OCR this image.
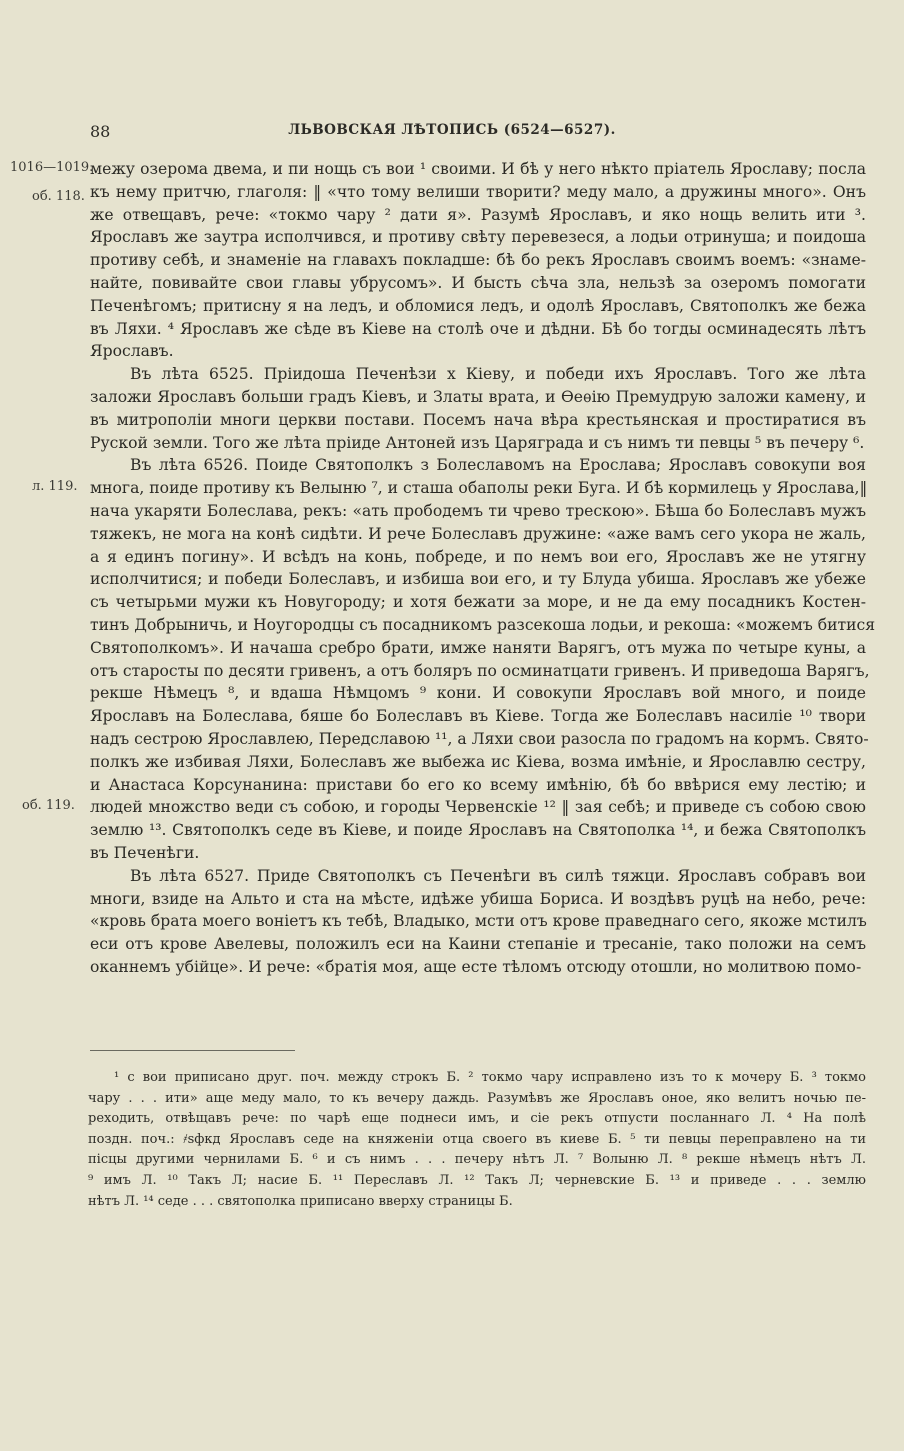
88	ЛЬВОВСКАЯ ЛѢТОПИСЬ (6524—6527).
1016—1019.
межу озерома двема, и пи нощь съ вои ¹ своими. И бѣ у него нѣкто пріатель Ярославу; посла
об. 118. къ нему притчю, глаголя: ‖ «что тому велиши творити? меду мало, а дружины много». Онъ
же отвещавъ, рече: «токмо чару ² дати я». Разумѣ Ярославъ, и яко нощь велить ити ³.
Ярославъ же заутра исполчився, и противу свѣту перевезеся, а лодьи отринуша; и поидоша
противу себѣ, и знаменіе на главахъ покладше: бѣ бо рекъ Ярославъ своимъ воемъ: «знаме-
найте, повивайте свои главы убрусомъ». И бысть сѣча зла, нельзѣ за озеромъ помогати
Печенѣгомъ; притисну я на ледъ, и обломися ледъ, и одолѣ Ярославъ, Святополкъ же бежа
въ Ляхи. ⁴ Ярославъ же сѣде въ Кіеве на столѣ оче и дѣдни. Бѣ бо тогды осминадесять лѣтъ
Ярославъ.
Въ лѣта 6525. Пріидоша Печенѣзи х Кіеву, и победи ихъ Ярославъ. Того же лѣта
заложи Ярославъ больши градъ Кіевъ, и Златы врата, и Ѳеѳію Премудрую заложи камену, и
въ митрополіи многи церкви постави. Посемъ нача вѣра крестьянская и простиратися въ
Руской земли. Того же лѣта пріиде Антоней изъ Царяграда и съ нимъ ти певцы ⁵ въ печеру ⁶.
Въ лѣта 6526. Поиде Святополкъ з Болеславомъ на Ерослава; Ярославъ совокупи воя
л. 119. многа, поиде противу къ Велыню ⁷, и сташа обаполы реки Буга. И бѣ кормилець у Ярослава,‖
нача укаряти Болеслава, рекъ: «ать прободемъ ти чрево трескою». Бѣша бо Болеславъ мужъ
тяжекъ, не могa на конѣ сидѣти. И рече Болеславъ дружине: «аже вамъ сего укора не жаль,
а я единъ погину». И всѣдъ на конь, побреде, и по немъ вои его, Ярославъ же не утягну
исполчитися; и победи Болеславъ, и избиша вои его, и ту Блуда убиша. Ярославъ же убеже
съ четырьми мужи къ Новугороду; и хотя бежати за море, и не да ему посадникъ Костен-
тинъ Добрыничь, и Ноугородцы съ посадникомъ разсекоша лодьи, и рекоша: «можемъ битися
Святополкомъ». И начаша сребро брати, имже наняти Варягъ, отъ мужа по четыре куны, а
отъ старосты по десяти гривенъ, а отъ боляръ по осминатцати гривенъ. И приведоша Варягъ,
рекше Нѣмецъ ⁸, и вдаша Нѣмцомъ ⁹ кони. И совокупи Ярославъ вой много, и поиде
Ярославъ на Болеслава, бяше бо Болеславъ въ Кіеве. Тогда же Болеславъ насиліе ¹⁰ твори
надъ сестрою Ярославлею, Передславою ¹¹, а Ляхи свои разосла по градомъ на кормъ. Свято-
полкъ же избивая Ляхи, Болеславъ же выбежа ис Кіева, возма имѣніе, и Ярославлю сестру,
и Анастаса Корсунанина: пристави бо его ко всему имѣнію, бѣ бо ввѣрися ему лестію; и
об. 119. людей множство веди съ собою, и городы Червенскіе ¹² ‖ зая себѣ; и приведе съ собою свою
землю ¹³. Святополкъ седе въ Кіеве, и поиде Ярославъ на Святополка ¹⁴, и бежа Святополкъ
въ Печенѣги.
Въ лѣта 6527. Приде Святополкъ съ Печенѣги въ силѣ тяжци. Ярославъ собравъ вои
многи, взиде на Альто и ста на мѣсте, идѣже убиша Бориса. И воздѣвъ руцѣ на небо, рече:
«кровь брата моего воніетъ къ тебѣ, Владыко, мсти отъ крове праведнаго сего, якоже мстилъ
еси отъ крове Авелевы, положилъ еси на Каини степаніе и тресаніе, тако положи на семъ
оканнемъ убійце». И рече: «братія моя, аще есте тѣломъ отсюду отошли, но молитвою помо-
¹ с вои приписано друг. поч. между строкъ Б. ² токмо чару исправлено изъ то к мочеру Б. ³ токмо
чару . . . ити» аще меду мало, то къ вечеру даждь. Разумѣвъ же Ярославъ оное, яко велитъ ночью пе-
реходить, отвѣщавъ рече: по чарѣ еще поднеси имъ, и сіе рекъ отпусти посланнаго Л. ⁴ На полѣ
поздн. поч.: ҂ѕфкд Ярославъ седе на княженіи отца своего въ киеве Б. ⁵ ти певцы переправлено на ти
пісцы другими чернилами Б. ⁶ и съ нимъ . . . печеру нѣтъ Л. ⁷ Волыню Л. ⁸ рекше нѣмецъ нѣтъ Л.
⁹ имъ Л. ¹⁰ Такъ Л; насие Б. ¹¹ Переславъ Л. ¹² Такъ Л; черневские Б. ¹³ и приведе . . . землю
нѣтъ Л. ¹⁴ седе . . . святополка приписано вверху страницы Б.
